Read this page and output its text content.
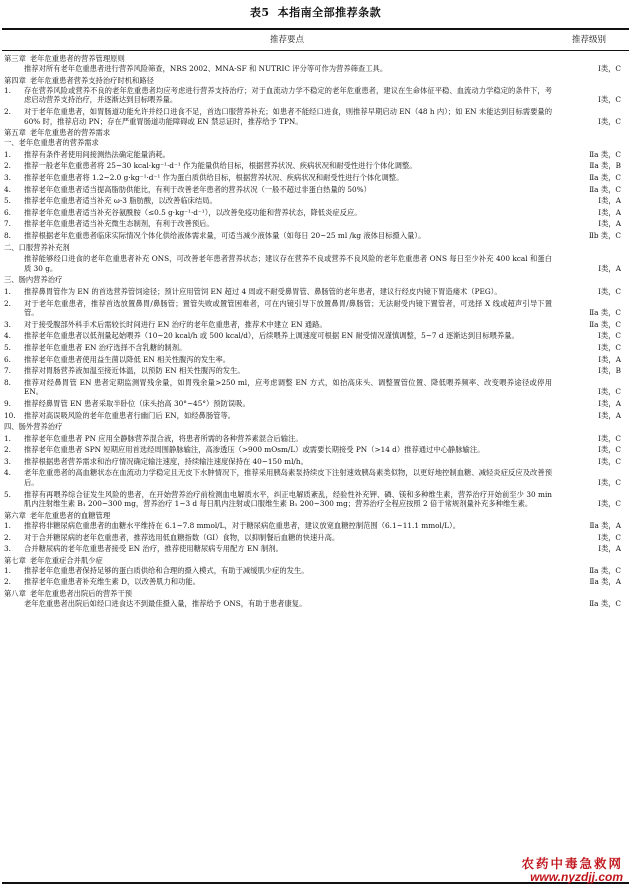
表5 本指南全部推荐条款
推荐要点	推荐级别
第三章 老年危重患者的营养管理原则
推荐对所有老年危重患者进行营养风险筛查，NRS 2002、MNA-SF 和 NUTRIC 评分等可作为营养筛查工具。	Ⅰ类，C
第四章 老年危重患者营养支持治疗时机和路径
1.	存在营养风险或营养不良的老年危重患者均应考虑进行营养支持治疗；对于血流动力学不稳定的老年危重患者，建议在生命体征平稳、血流动力学稳定的条件下，考虑启动营养支持治疗，并逐渐达到目标喂养量。	Ⅰ类，C
2.	对于老年危重患者，如胃肠道功能允许并经口进食不足，首选口服营养补充；如患者不能经口进食，则推荐早期启动 EN（48 h 内）；如 EN 未能达到目标需要量的 60% 时，推荐启动 PN；存在严重胃肠道功能障碍或 EN 禁忌证时，推荐给予 TPN。	Ⅰ类，C
第五章 老年危重患者的营养需求
一、老年危重患者的营养需求
1.	推荐有条件者使用间接测热法确定能量消耗。	Ⅱa 类，C
2.	推荐一般老年危重患者将 25~30 kcal·kg⁻¹·d⁻¹ 作为能量供给目标，根据营养状况、疾病状况和耐受性进行个体化调整。	Ⅱa 类，B
3.	推荐老年危重患者将 1.2~2.0 g·kg⁻¹·d⁻¹ 作为蛋白质供给目标，根据营养状况、疾病状况和耐受性进行个体化调整。	Ⅱa 类，C
4.	推荐老年危重患者适当提高脂肪供能比，有利于改善老年患者的营养状况（一般不超过非蛋白热量的 50%）	Ⅱa 类，C
5.	推荐老年危重患者适当补充 ω-3 脂肪酸，以改善临床结局。	Ⅰ类，A
6.	推荐老年危重患者适当补充谷氨酰胺（≤0.5 g·kg⁻¹·d⁻¹），以改善免疫功能和营养状态，降低炎症反应。	Ⅰ类，A
7.	推荐老年危重患者适当补充微生态制剂，有利于改善预后。	Ⅰ类，A
8.	推荐根据老年危重患者临床实际情况个体化供给液体需求量，可适当减少液体量（如每日 20~25 ml /kg 液体目标摄入量）。	Ⅱb 类，C
二、口服营养补充剂
推荐能够经口进食的老年危重患者补充 ONS，可改善老年患者营养状态；建议存在营养不良或营养不良风险的老年危重患者 ONS 每日至少补充 400 kcal 和蛋白质 30 g。	Ⅰ类，A
三、肠内营养治疗
1.	推荐鼻胃管作为 EN 的首选营养管饲途径；预计应用管饲 EN 超过 4 周或不耐受鼻胃管、鼻肠管的老年患者，建议行经皮内镜下胃造瘘术（PEG）。	Ⅰ类，C
2.	对于老年危重患者，推荐首选放置鼻胃/鼻肠管；置管失败或置管困难者，可在内镜引导下放置鼻胃/鼻肠管；无法耐受内镜下置管者，可选择 X 线或超声引导下置管。	Ⅱa 类，C
3.	对于接受腹部外科手术后需较长时间进行 EN 治疗的老年危重患者，推荐术中建立 EN 通路。	Ⅱa 类，C
4.	推荐老年危重患者以低剂量起始喂养（10~20 kcal/h 或 500 kcal/d），后续喂养上调速度可根据 EN 耐受情况谨慎调整，5~7 d 逐渐达到目标喂养量。	Ⅰ类，C
5.	推荐老年危重患者 EN 治疗选择不含乳糖的制剂。	Ⅰ类，C
6.	推荐老年危重患者使用益生菌以降低 EN 相关性腹泻的发生率。	Ⅰ类，A
7.	推荐对胃肠营养液加温至接近体温，以预防 EN 相关性腹泻的发生。	Ⅰ类，B
8.	推荐对经鼻胃管 EN 患者定期监测胃残余量，如胃残余量>250 ml，应考虑调整 EN 方式，如抬高床头、调整置管位置、降低喂养频率、改变喂养途径或停用 EN。	Ⅰ类，C
9.	推荐经鼻胃管 EN 患者采取半卧位（床头抬高 30°~45°）预防误吸。	Ⅰ类，A
10.	推荐对高误吸风险的老年危重患者行幽门后 EN，如经鼻肠管等。	Ⅰ类，A
四、肠外营养治疗
1.	推荐老年危重患者 PN 应用全静脉营养混合液，将患者所需的各种营养素混合后输注。	Ⅰ类，C
2.	推荐老年危重患者 SPN 短期应用首选经周围静脉输注，高渗透压（>900 mOsm/L）或需要长期接受 PN（>14 d）推荐通过中心静脉输注。	Ⅰ类，C
3.	推荐根据患者营养需求和治疗情况确定输注速度，持续输注速度保持在 40~150 ml/h。	Ⅰ类，C
4.	老年危重患者的高血糖状态在血流动力学稳定且无皮下水肿情况下，推荐采用胰岛素泵持续皮下注射速效胰岛素类似物，以更好地控制血糖、减轻炎症反应及改善预后。	Ⅰ类，C
5.	推荐有再喂养综合征发生风险的患者，在开始营养治疗前检测血电解质水平，纠正电解质紊乱，经验性补充钾、磷、镁和多种维生素，营养治疗开始前至少 30 min 肌内注射维生素 B₁ 200~300 mg，营养治疗 1~3 d 每日肌内注射或口服维生素 B₁ 200~300 mg；营养治疗全程应按照 2 倍于常规剂量补充多种维生素。	Ⅰ类，C
第六章 老年危重患者的血糖管理
1.	推荐将非糖尿病危重患者的血糖水平维持在 6.1~7.8 mmol/L，对于糖尿病危重患者，建议放宽血糖控制范围（6.1~11.1 mmol/L）。	Ⅱa 类，A
2.	对于合并糖尿病的老年危重患者，推荐选用低血糖指数（GI）食物，以抑制餐后血糖的快速升高。	Ⅰ类，C
3.	合并糖尿病的老年危重患者接受 EN 治疗，推荐使用糖尿病专用配方 EN 制剂。	Ⅰ类，A
第七章 老年危重症合并肌少症
1.	推荐老年危重患者保持足够的蛋白质供给和合理的摄入模式，有助于减缓肌少症的发生。	Ⅱa 类，C
2.	推荐老年危重患者补充维生素 D，以改善肌力和功能。	Ⅱa 类，A
第八章 老年危重患者出院后的营养干预
老年危重患者出院后如经口进食达不到最佳摄入量，推荐给予 ONS，有助于患者康复。	Ⅱa 类，C
农药中毒急救网
www.nyzdjj.com
